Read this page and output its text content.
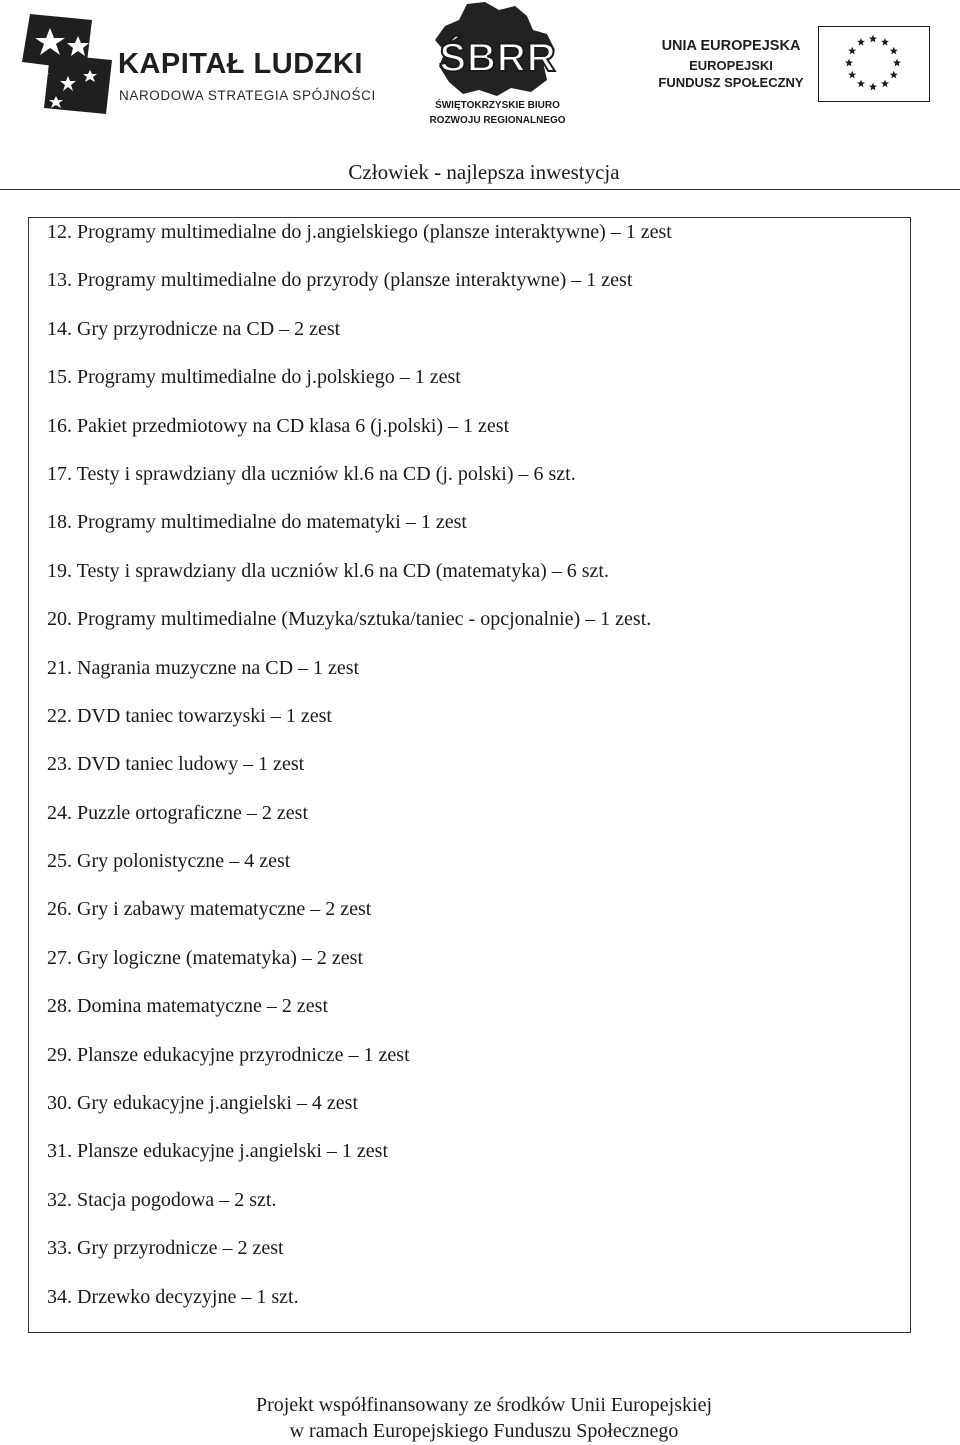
KAPITAŁ LUDZKI
NARODOWA STRATEGIA SPÓJNOŚCI
ŚBRR
ŚWIĘTOKRZYSKIE BIURO
ROZWOJU REGIONALNEGO
UNIA EUROPEJSKA
EUROPEJSKI
FUNDUSZ SPOŁECZNY
Człowiek - najlepsza inwestycja
12. Programy multimedialne do j.angielskiego (plansze interaktywne) – 1 zest
13. Programy multimedialne do przyrody (plansze interaktywne) – 1 zest
14. Gry przyrodnicze na CD – 2 zest
15. Programy multimedialne do j.polskiego – 1 zest
16. Pakiet przedmiotowy na CD klasa 6 (j.polski) – 1 zest
17. Testy i sprawdziany dla uczniów kl.6 na CD (j. polski) – 6 szt.
18. Programy multimedialne do matematyki – 1 zest
19. Testy i sprawdziany dla uczniów kl.6 na CD (matematyka) – 6 szt.
20. Programy multimedialne (Muzyka/sztuka/taniec - opcjonalnie) – 1 zest.
21. Nagrania muzyczne na CD – 1 zest
22. DVD taniec towarzyski – 1 zest
23. DVD taniec ludowy – 1 zest
24. Puzzle ortograficzne – 2 zest
25. Gry polonistyczne – 4 zest
26. Gry i zabawy matematyczne – 2 zest
27. Gry logiczne (matematyka) – 2 zest
28. Domina matematyczne – 2 zest
29. Plansze edukacyjne przyrodnicze – 1 zest
30. Gry edukacyjne j.angielski – 4 zest
31. Plansze edukacyjne j.angielski – 1 zest
32. Stacja pogodowa – 2 szt.
33. Gry przyrodnicze – 2 zest
34. Drzewko decyzyjne – 1 szt.
Projekt współfinansowany ze środków Unii Europejskiej
w ramach Europejskiego Funduszu Społecznego
